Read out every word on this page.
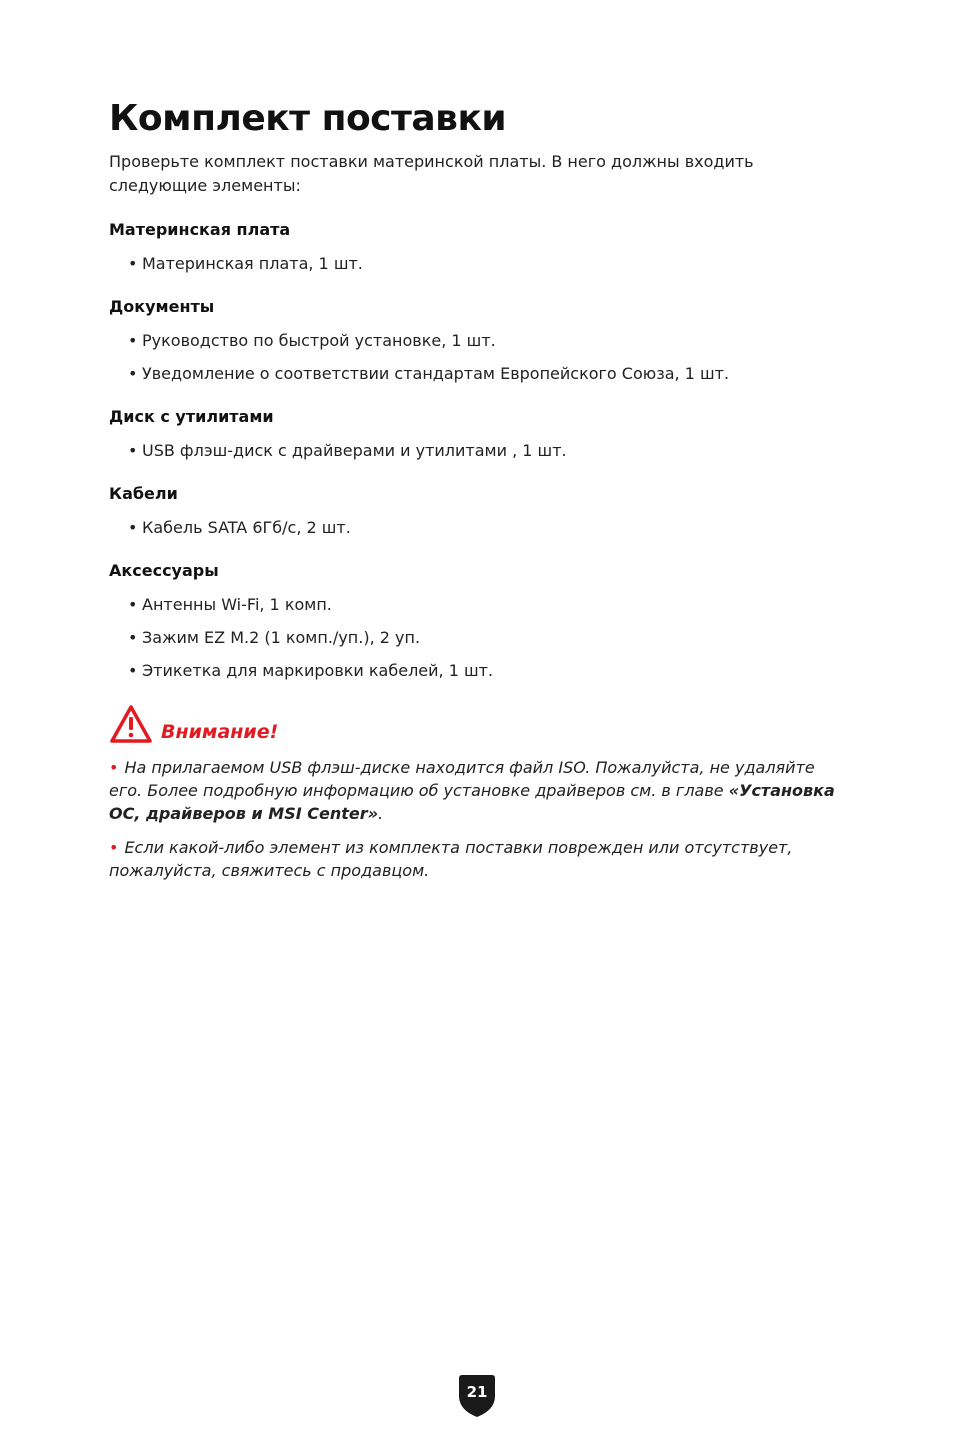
Комплект поставки

Проверьте комплект поставки материнской платы. В него должны входить следующие элементы:

Материнская плата

• Материнская плата, 1 шт.

Документы

• Руководство по быстрой установке, 1 шт.

• Уведомление о соответствии стандартам Европейского Союза, 1 шт.

Диск с утилитами

• USB флэш-диск с драйверами и утилитами , 1 шт.

Кабели

• Кабель SATA 6Гб/с, 2 шт.

Аксессуары

• Антенны Wi-Fi, 1 комп.

• Зажим EZ M.2 (1 комп./уп.), 2 уп.

• Этикетка для маркировки кабелей, 1 шт.

Внимание!

• На прилагаемом USB флэш-диске находится файл ISO. Пожалуйста, не удаляйте его. Более подробную информацию об установке драйверов см. в главе «Установка ОС, драйверов и MSI Center».

• Если какой-либо элемент из комплекта поставки поврежден или отсутствует, пожалуйста, свяжитесь с продавцом.

21
